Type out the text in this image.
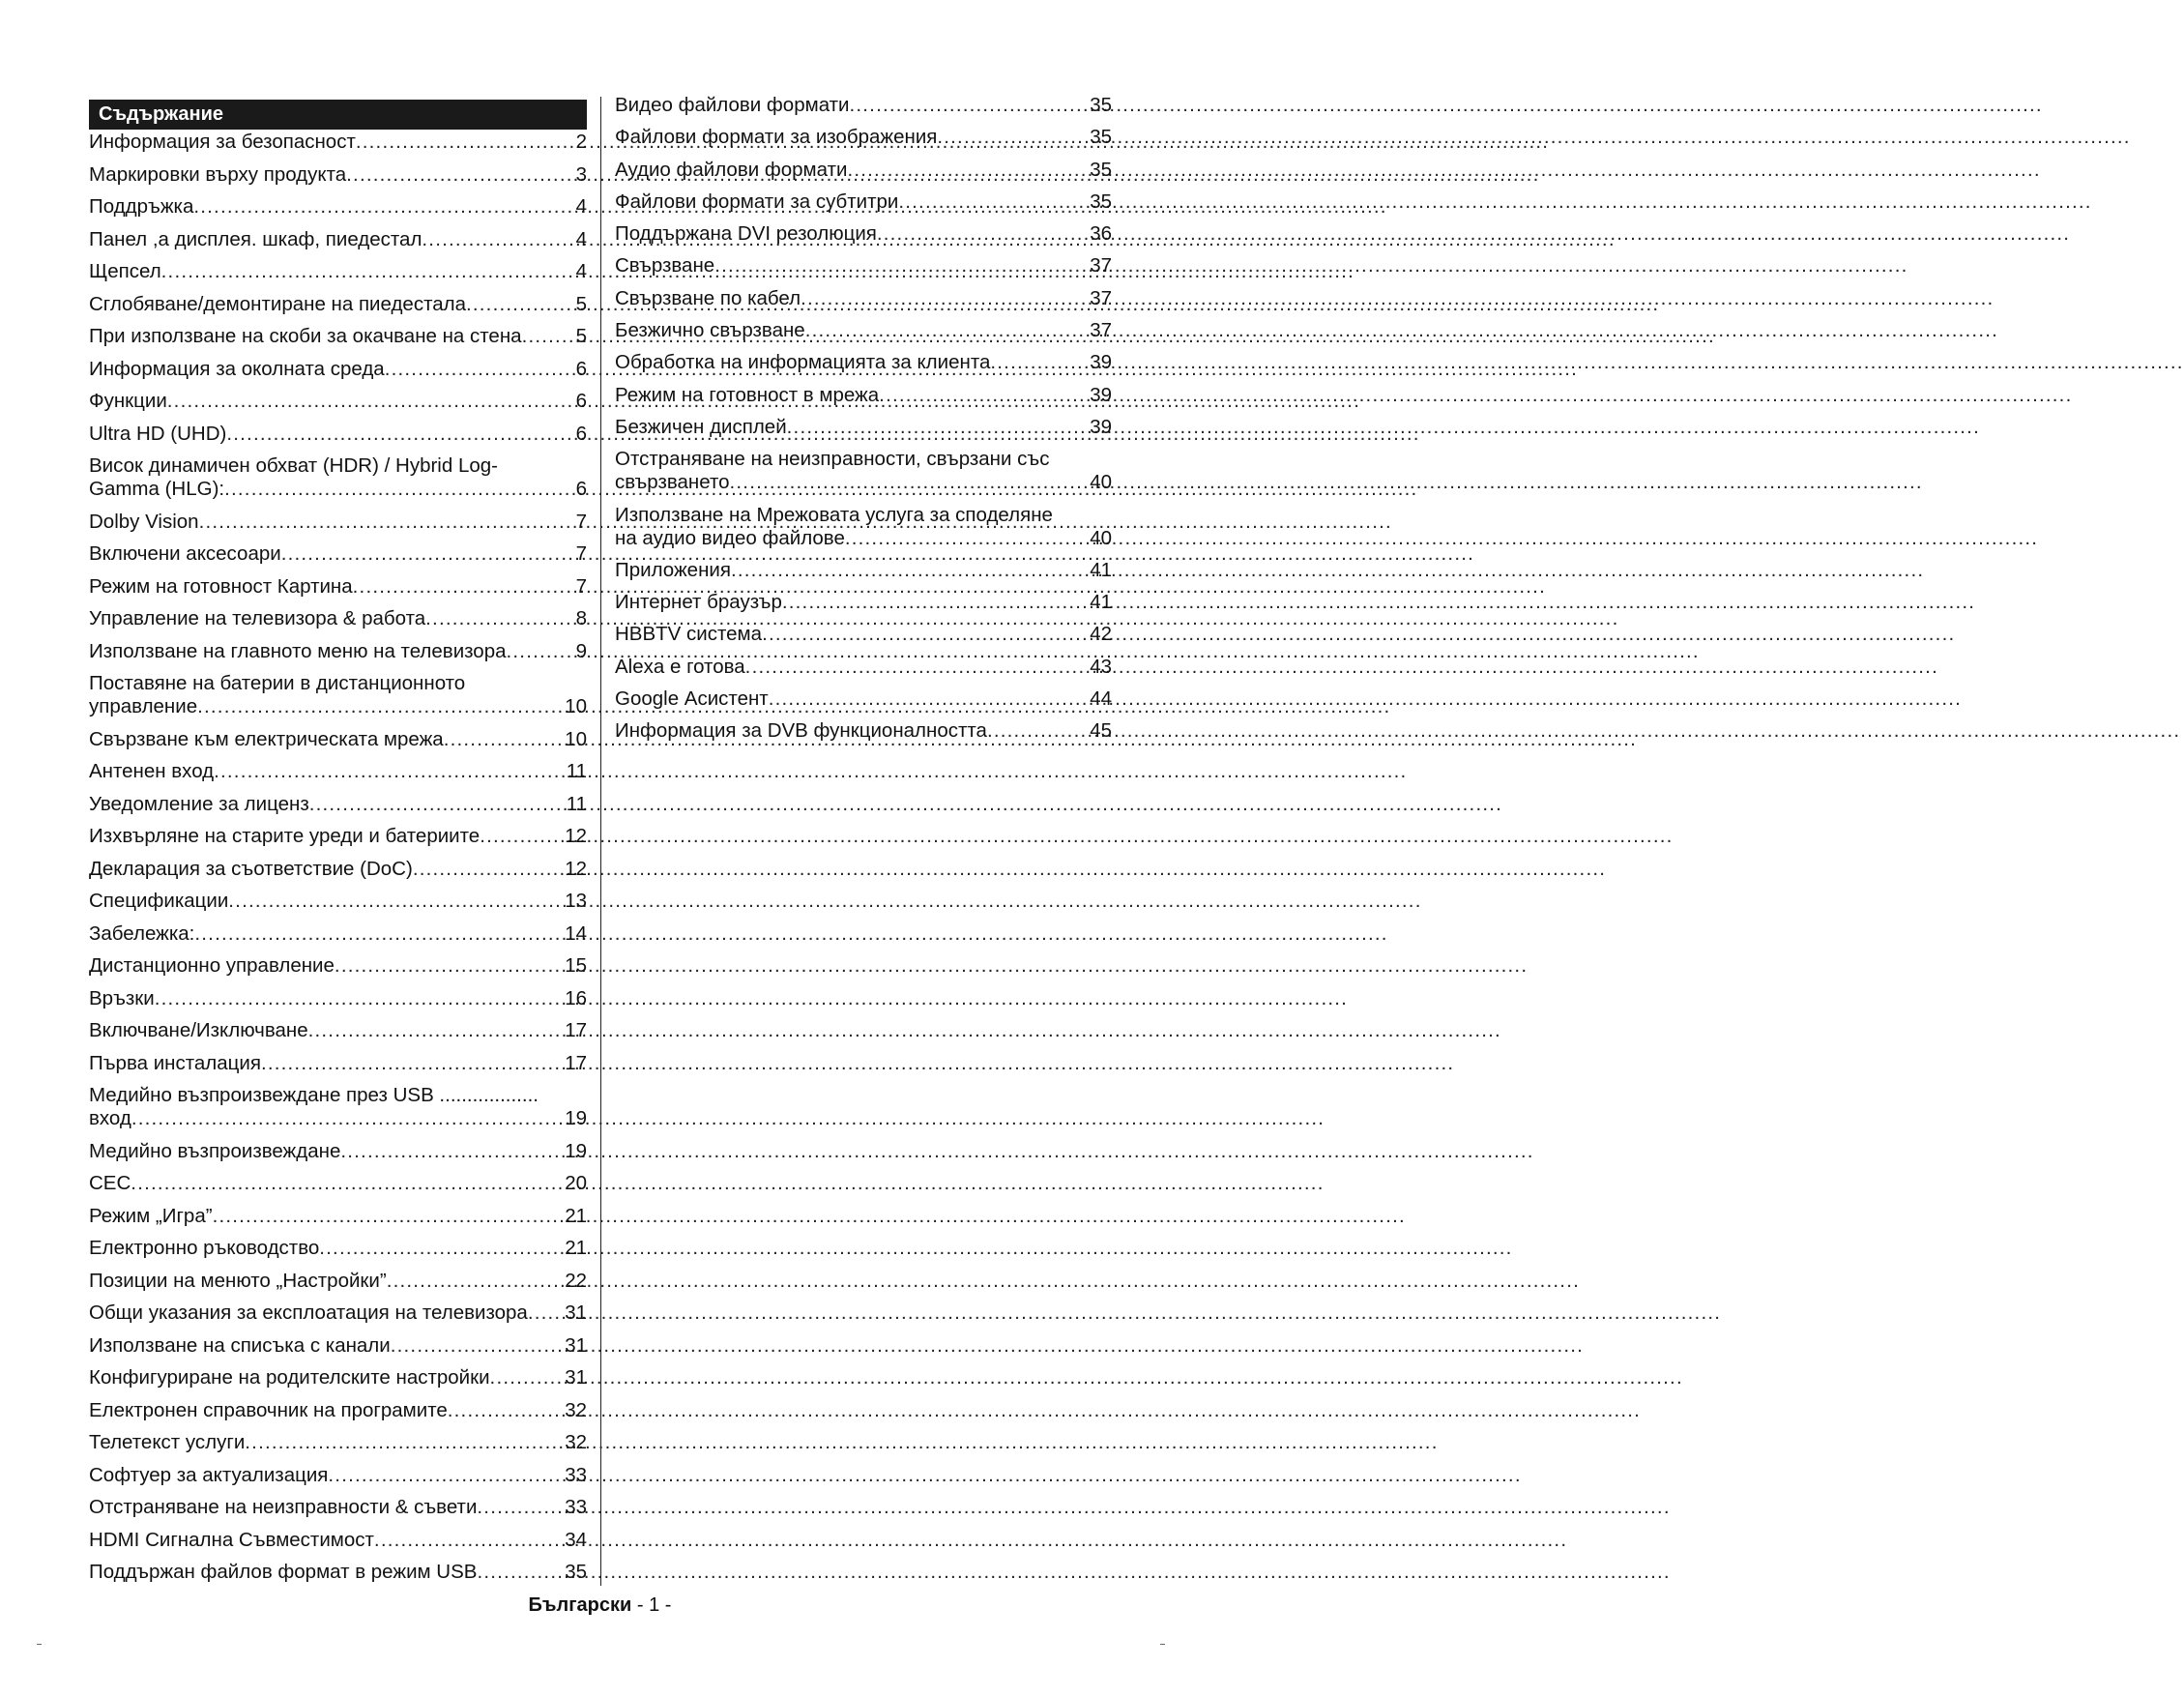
Съдържание
Информация за безопасност .....	2
Маркировки върху продукта .....	3
Поддръжка .....	4
Панел ,а дисплея. шкаф, пиедестал .....	4
Щепсел .....	4
Сглобяване/демонтиране на пиедестала .....	5
При използване на скоби за окачване на стена .....	5
Информация за околната среда .....	6
Функции .....	6
Ultra HD (UHD) .....	6
Висок динамичен обхват (HDR) / Hybrid Log-
Gamma (HLG): .....	6
Dolby Vision .....	7
Включени аксесоари .....	7
Режим на готовност Картина .....	7
Управление на телевизора & работа .....	8
Използване на главното меню на телевизора .....	9
Поставяне на батерии в дистанционното
управление .....	10
Свързване към електрическата мрежа .....	10
Антенен вход .....	11
Уведомление за лиценз .....	11
Изхвърляне на старите уреди и батериите .....	12
Декларация за съответствие (DoC) .....	12
Спецификации .....	13
Забележка: .....	14
Дистанционно управление .....	15
Връзки .....	16
Включване/Изключване .....	17
Първа инсталация .....	17
Медийно възпроизвеждане през USB ..................
вход .....	19
Медийно възпроизвеждане .....	19
CEC .....	20
Режим „Игра” .....	21
Електронно ръководство .....	21
Позиции на менюто „Настройки” .....	22
Общи указания за експлоатация на телевизора ..... 31
Използване на списъка с канали .....	31
Конфигуриране на родителските настройки .....	31
Електронен справочник на програмите .....	32
Телетекст услуги .....	32
Софтуер за актуализация .....	33
Отстраняване на неизправности & съвети .....	33
HDMI Сигнална Съвместимост .....	34
Поддържан файлов формат в режим USB .....	35
Видео файлови формати .....	35
Файлови формати за изображения .....	35
Аудио файлови формати .....	35
Файлови формати за субтитри .....	35
Поддържана DVI резолюция .....	36
Свързване .....	37
Свързване по кабел .....	37
Безжично свързване .....	37
Обработка на информацията за клиента .....	39
Режим на готовност в мрежа .....	39
Безжичен дисплей .....	39
Отстраняване на неизправности, свързани със
свързването .....	40
Използване на Мрежовата услуга за споделяне
на аудио видео файлове .....	40
Приложения .....	41
Интернет браузър .....	41
HBBTV система .....	42
Alexa е готова .....	43
Google Асистент .....	44
Информация за DVB функционалността .....	45
Български - 1 -
